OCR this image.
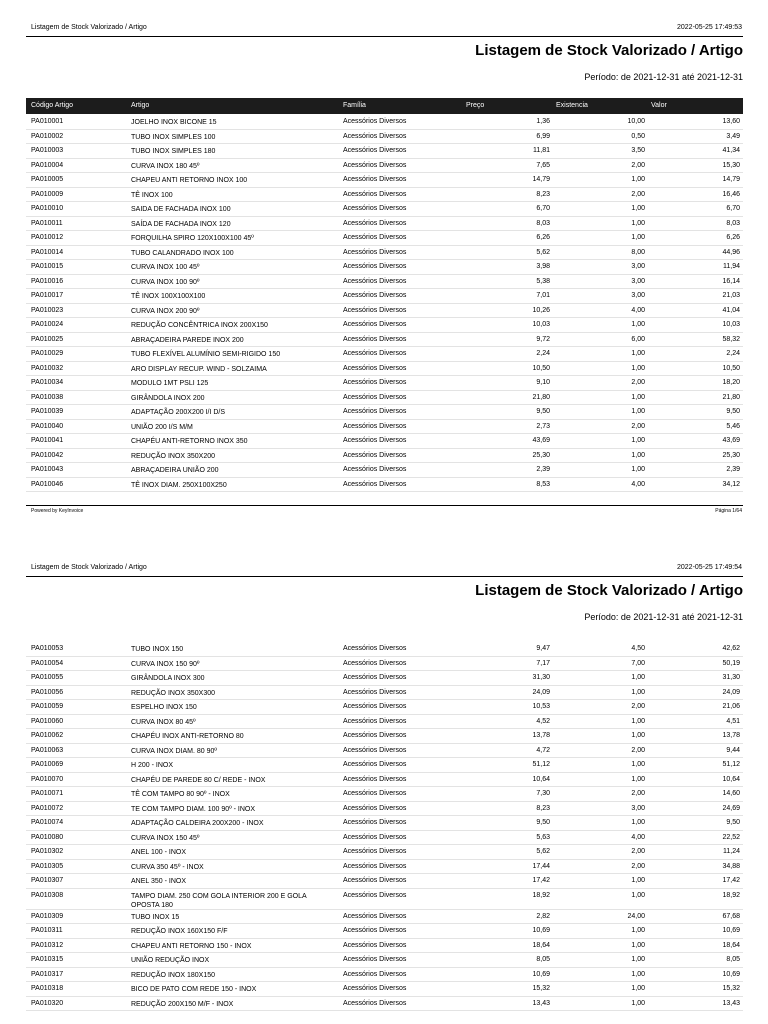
Listagem de Stock Valorizado / Artigo	2022-05-25 17:49:53
Listagem de Stock Valorizado / Artigo
Período: de 2021-12-31 até 2021-12-31
Código Artigo	Artigo	Família	Preço	Existencia	Valor
PA010001	JOELHO INOX BICONE 15	Acessórios Diversos	1,36	10,00	13,60
PA010002	TUBO INOX SIMPLES 100	Acessórios Diversos	6,99	0,50	3,49
PA010003	TUBO INOX SIMPLES 180	Acessórios Diversos	11,81	3,50	41,34
PA010004	CURVA INOX 180 45º	Acessórios Diversos	7,65	2,00	15,30
PA010005	CHAPEU ANTI RETORNO INOX 100	Acessórios Diversos	14,79	1,00	14,79
PA010009	TÊ INOX 100	Acessórios Diversos	8,23	2,00	16,46
PA010010	SAIDA DE FACHADA INOX 100	Acessórios Diversos	6,70	1,00	6,70
PA010011	SAÍDA DE FACHADA INOX 120	Acessórios Diversos	8,03	1,00	8,03
PA010012	FORQUILHA SPIRO 120X100X100 45º	Acessórios Diversos	6,26	1,00	6,26
PA010014	TUBO CALANDRADO INOX 100	Acessórios Diversos	5,62	8,00	44,96
PA010015	CURVA INOX 100 45º	Acessórios Diversos	3,98	3,00	11,94
PA010016	CURVA INOX 100 90º	Acessórios Diversos	5,38	3,00	16,14
PA010017	TÊ INOX 100X100X100	Acessórios Diversos	7,01	3,00	21,03
PA010023	CURVA INOX 200 90º	Acessórios Diversos	10,26	4,00	41,04
PA010024	REDUÇÃO CONCÊNTRICA INOX 200X150	Acessórios Diversos	10,03	1,00	10,03
PA010025	ABRAÇADEIRA PAREDE INOX 200	Acessórios Diversos	9,72	6,00	58,32
PA010029	TUBO FLEXÍVEL ALUMÍNIO SEMI-RIGIDO 150	Acessórios Diversos	2,24	1,00	2,24
PA010032	ARO DISPLAY RECUP. WIND - SOLZAIMA	Acessórios Diversos	10,50	1,00	10,50
PA010034	MODULO 1MT PSLI 125	Acessórios Diversos	9,10	2,00	18,20
PA010038	GIRÂNDOLA INOX 200	Acessórios Diversos	21,80	1,00	21,80
PA010039	ADAPTAÇÃO 200X200 I/I D/S	Acessórios Diversos	9,50	1,00	9,50
PA010040	UNIÃO 200 I/S M/M	Acessórios Diversos	2,73	2,00	5,46
PA010041	CHAPÉU ANTI-RETORNO INOX 350	Acessórios Diversos	43,69	1,00	43,69
PA010042	REDUÇÃO INOX 350X200	Acessórios Diversos	25,30	1,00	25,30
PA010043	ABRAÇADEIRA UNIÃO 200	Acessórios Diversos	2,39	1,00	2,39
PA010046	TÊ INOX DIAM. 250X100X250	Acessórios Diversos	8,53	4,00	34,12
Powered by KeyInvoice	Página 1/64
Listagem de Stock Valorizado / Artigo	2022-05-25 17:49:54
Listagem de Stock Valorizado / Artigo
Período: de 2021-12-31 até 2021-12-31
PA010053	TUBO INOX 150	Acessórios Diversos	9,47	4,50	42,62
PA010054	CURVA INOX 150 90º	Acessórios Diversos	7,17	7,00	50,19
PA010055	GIRÂNDOLA INOX 300	Acessórios Diversos	31,30	1,00	31,30
PA010056	REDUÇÃO INOX 350X300	Acessórios Diversos	24,09	1,00	24,09
PA010059	ESPELHO INOX 150	Acessórios Diversos	10,53	2,00	21,06
PA010060	CURVA INOX 80 45º	Acessórios Diversos	4,52	1,00	4,51
PA010062	CHAPÉU INOX ANTI-RETORNO 80	Acessórios Diversos	13,78	1,00	13,78
PA010063	CURVA INOX DIAM. 80 90º	Acessórios Diversos	4,72	2,00	9,44
PA010069	H 200 - INOX	Acessórios Diversos	51,12	1,00	51,12
PA010070	CHAPÉU DE PAREDE 80 C/ REDE - INOX	Acessórios Diversos	10,64	1,00	10,64
PA010071	TÊ COM TAMPO 80 90º - INOX	Acessórios Diversos	7,30	2,00	14,60
PA010072	TE COM TAMPO DIAM. 100 90º - INOX	Acessórios Diversos	8,23	3,00	24,69
PA010074	ADAPTAÇÃO CALDEIRA 200X200 - INOX	Acessórios Diversos	9,50	1,00	9,50
PA010080	CURVA INOX 150 45º	Acessórios Diversos	5,63	4,00	22,52
PA010302	ANEL 100 - INOX	Acessórios Diversos	5,62	2,00	11,24
PA010305	CURVA 350 45º - INOX	Acessórios Diversos	17,44	2,00	34,88
PA010307	ANEL 350 - INOX	Acessórios Diversos	17,42	1,00	17,42
PA010308	TAMPO DIAM. 250 COM GOLA INTERIOR 200 E GOLA OPOSTA 180
Acessórios Diversos	18,92	1,00	18,92
PA010309	TUBO INOX 15	Acessórios Diversos	2,82	24,00	67,68
PA010311	REDUÇÃO INOX 160X150 F/F	Acessórios Diversos	10,69	1,00	10,69
PA010312	CHAPEU ANTI RETORNO 150 - INOX	Acessórios Diversos	18,64	1,00	18,64
PA010315	UNIÃO REDUÇÃO INOX	Acessórios Diversos	8,05	1,00	8,05
PA010317	REDUÇÃO INOX 180X150	Acessórios Diversos	10,69	1,00	10,69
PA010318	BICO DE PATO COM REDE 150 - INOX	Acessórios Diversos	15,32	1,00	15,32
PA010320	REDUÇÃO 200X150 M/F - INOX	Acessórios Diversos	13,43	1,00	13,43
